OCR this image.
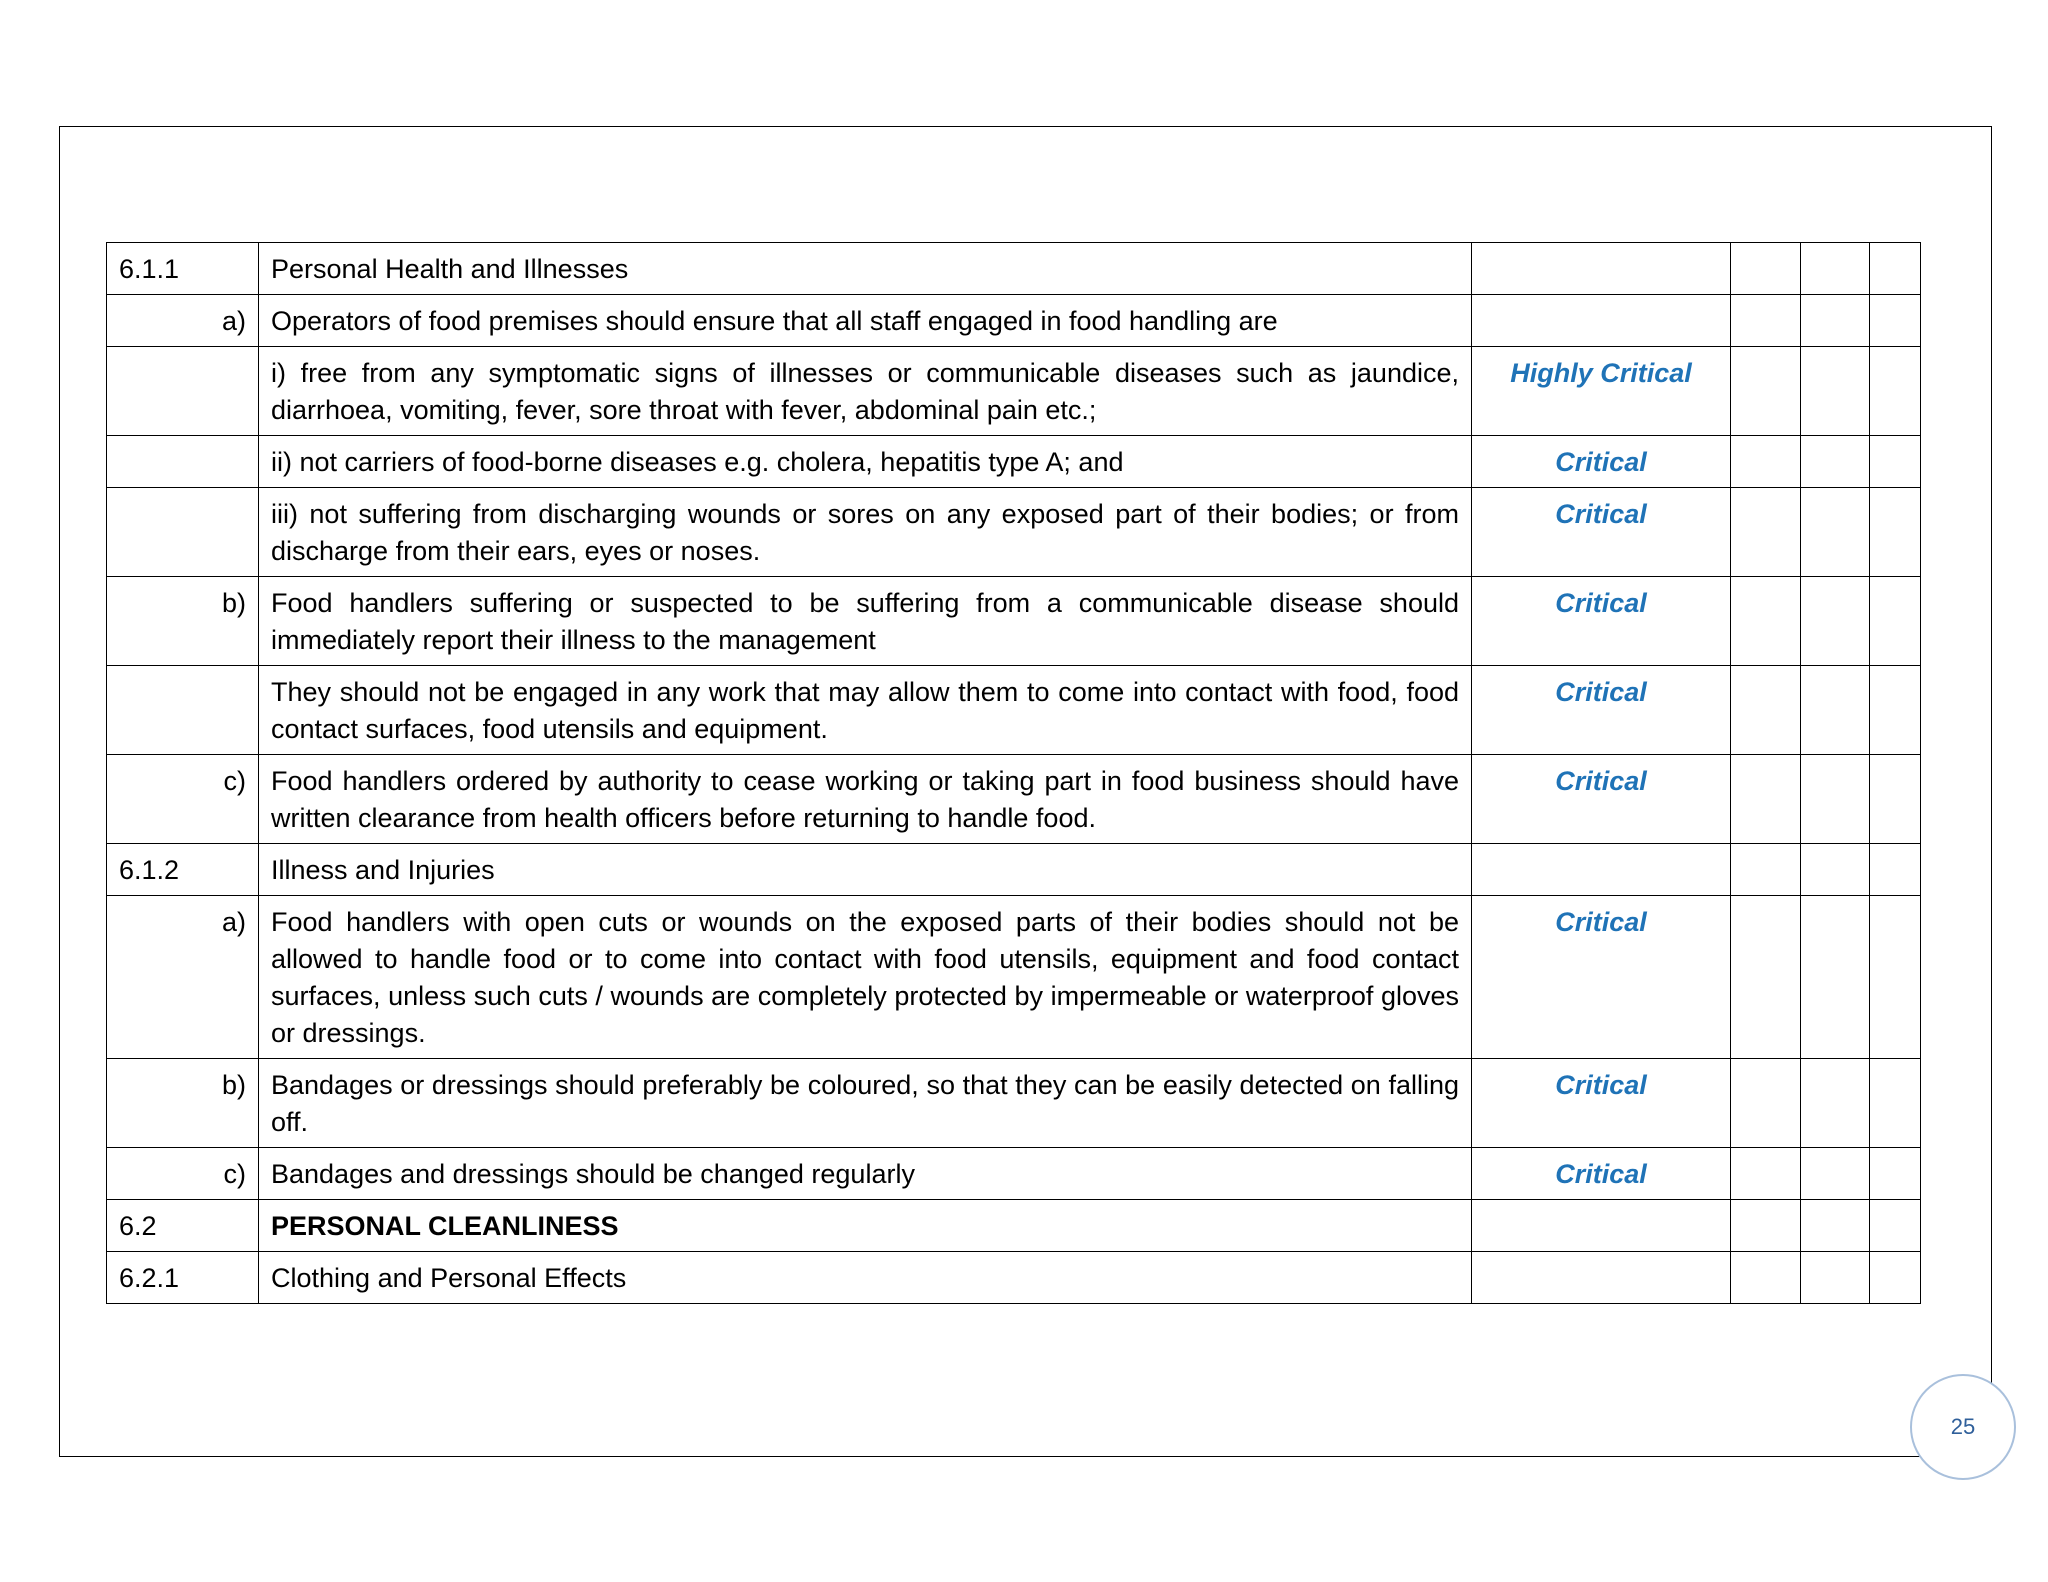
6.1.1	Personal Health and Illnesses				
a)	Operators of food premises should ensure that all staff engaged in food handling are				
	i) free from any symptomatic signs of illnesses or communicable diseases such as jaundice, diarrhoea, vomiting, fever, sore throat with fever, abdominal pain etc.;	Highly Critical			
	ii) not carriers of food-borne diseases e.g. cholera, hepatitis type A; and	Critical			
	iii) not suffering from discharging wounds or sores on any exposed part of their bodies; or from discharge from their ears, eyes or noses.	Critical			
b)	Food handlers suffering or suspected to be suffering from a communicable disease should immediately report their illness to the management	Critical			
	They should not be engaged in any work that may allow them to come into contact with food, food contact surfaces, food utensils and equipment.	Critical			
c)	Food handlers ordered by authority to cease working or taking part in food business should have written clearance from health officers before returning to handle food.	Critical			
6.1.2	Illness and Injuries				
a)	Food handlers with open cuts or wounds on the exposed parts of their bodies should not be allowed to handle food or to come into contact with food utensils, equipment and food contact surfaces, unless such cuts / wounds are completely protected by impermeable or waterproof gloves or dressings.	Critical			
b)	Bandages or dressings should preferably be coloured, so that they can be easily detected on falling off.	Critical			
c)	Bandages and dressings should be changed regularly	Critical			
6.2	PERSONAL CLEANLINESS				
6.2.1	Clothing and Personal Effects				
25
